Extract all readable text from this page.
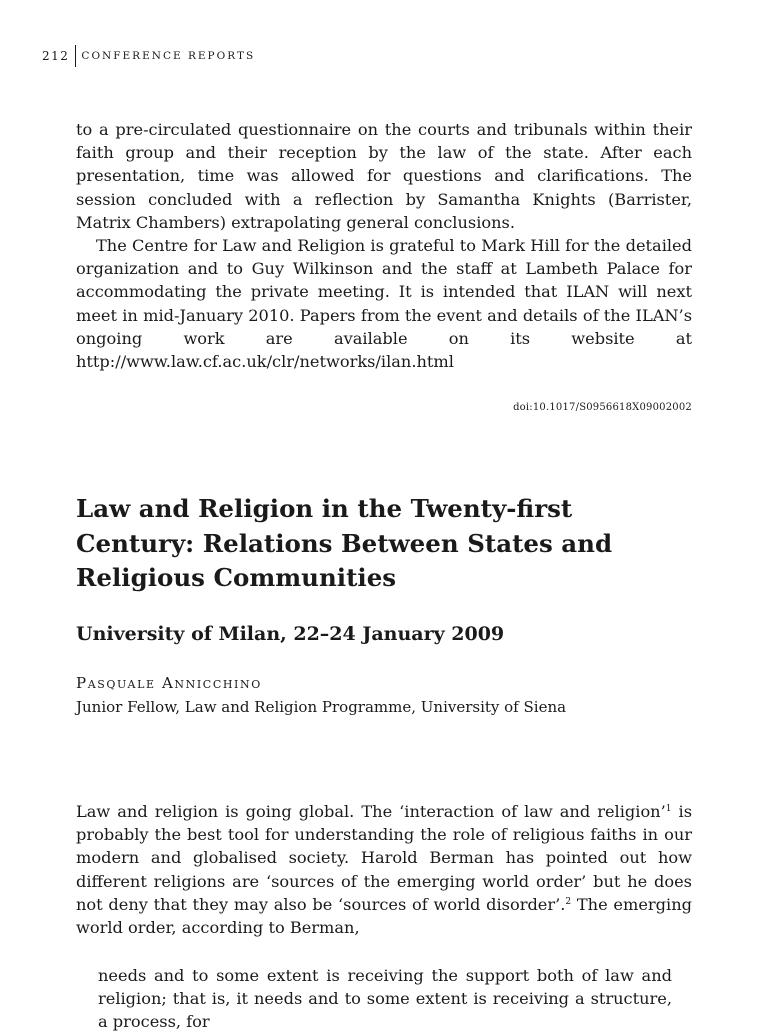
212	CONFERENCE REPORTS

to a pre-circulated questionnaire on the courts and tribunals within their faith group and their reception by the law of the state. After each presentation, time was allowed for questions and clarifications. The session concluded with a reflection by Samantha Knights (Barrister, Matrix Chambers) extrapolating general conclusions.

The Centre for Law and Religion is grateful to Mark Hill for the detailed organization and to Guy Wilkinson and the staff at Lambeth Palace for accommodating the private meeting. It is intended that ILAN will next meet in mid-January 2010. Papers from the event and details of the ILAN’s ongoing work are available on its website at http://www.law.cf.ac.uk/clr/networks/ilan.html

doi:10.1017/S0956618X09002002
Law and Religion in the Twenty-first Century: Relations Between States and Religious Communities
University of Milan, 22–24 January 2009
Pasquale Annicchino
Junior Fellow, Law and Religion Programme, University of Siena

Law and religion is going global. The ‘interaction of law and religion’$^1$ is probably the best tool for understanding the role of religious faiths in our modern and globalised society. Harold Berman has pointed out how different religions are ‘sources of the emerging world order’ but he does not deny that they may also be ‘sources of world disorder’.$^2$ The emerging world order, according to Berman,

needs and to some extent is receiving the support both of law and religion; that is, it needs and to some extent is receiving a structure, a process, for
